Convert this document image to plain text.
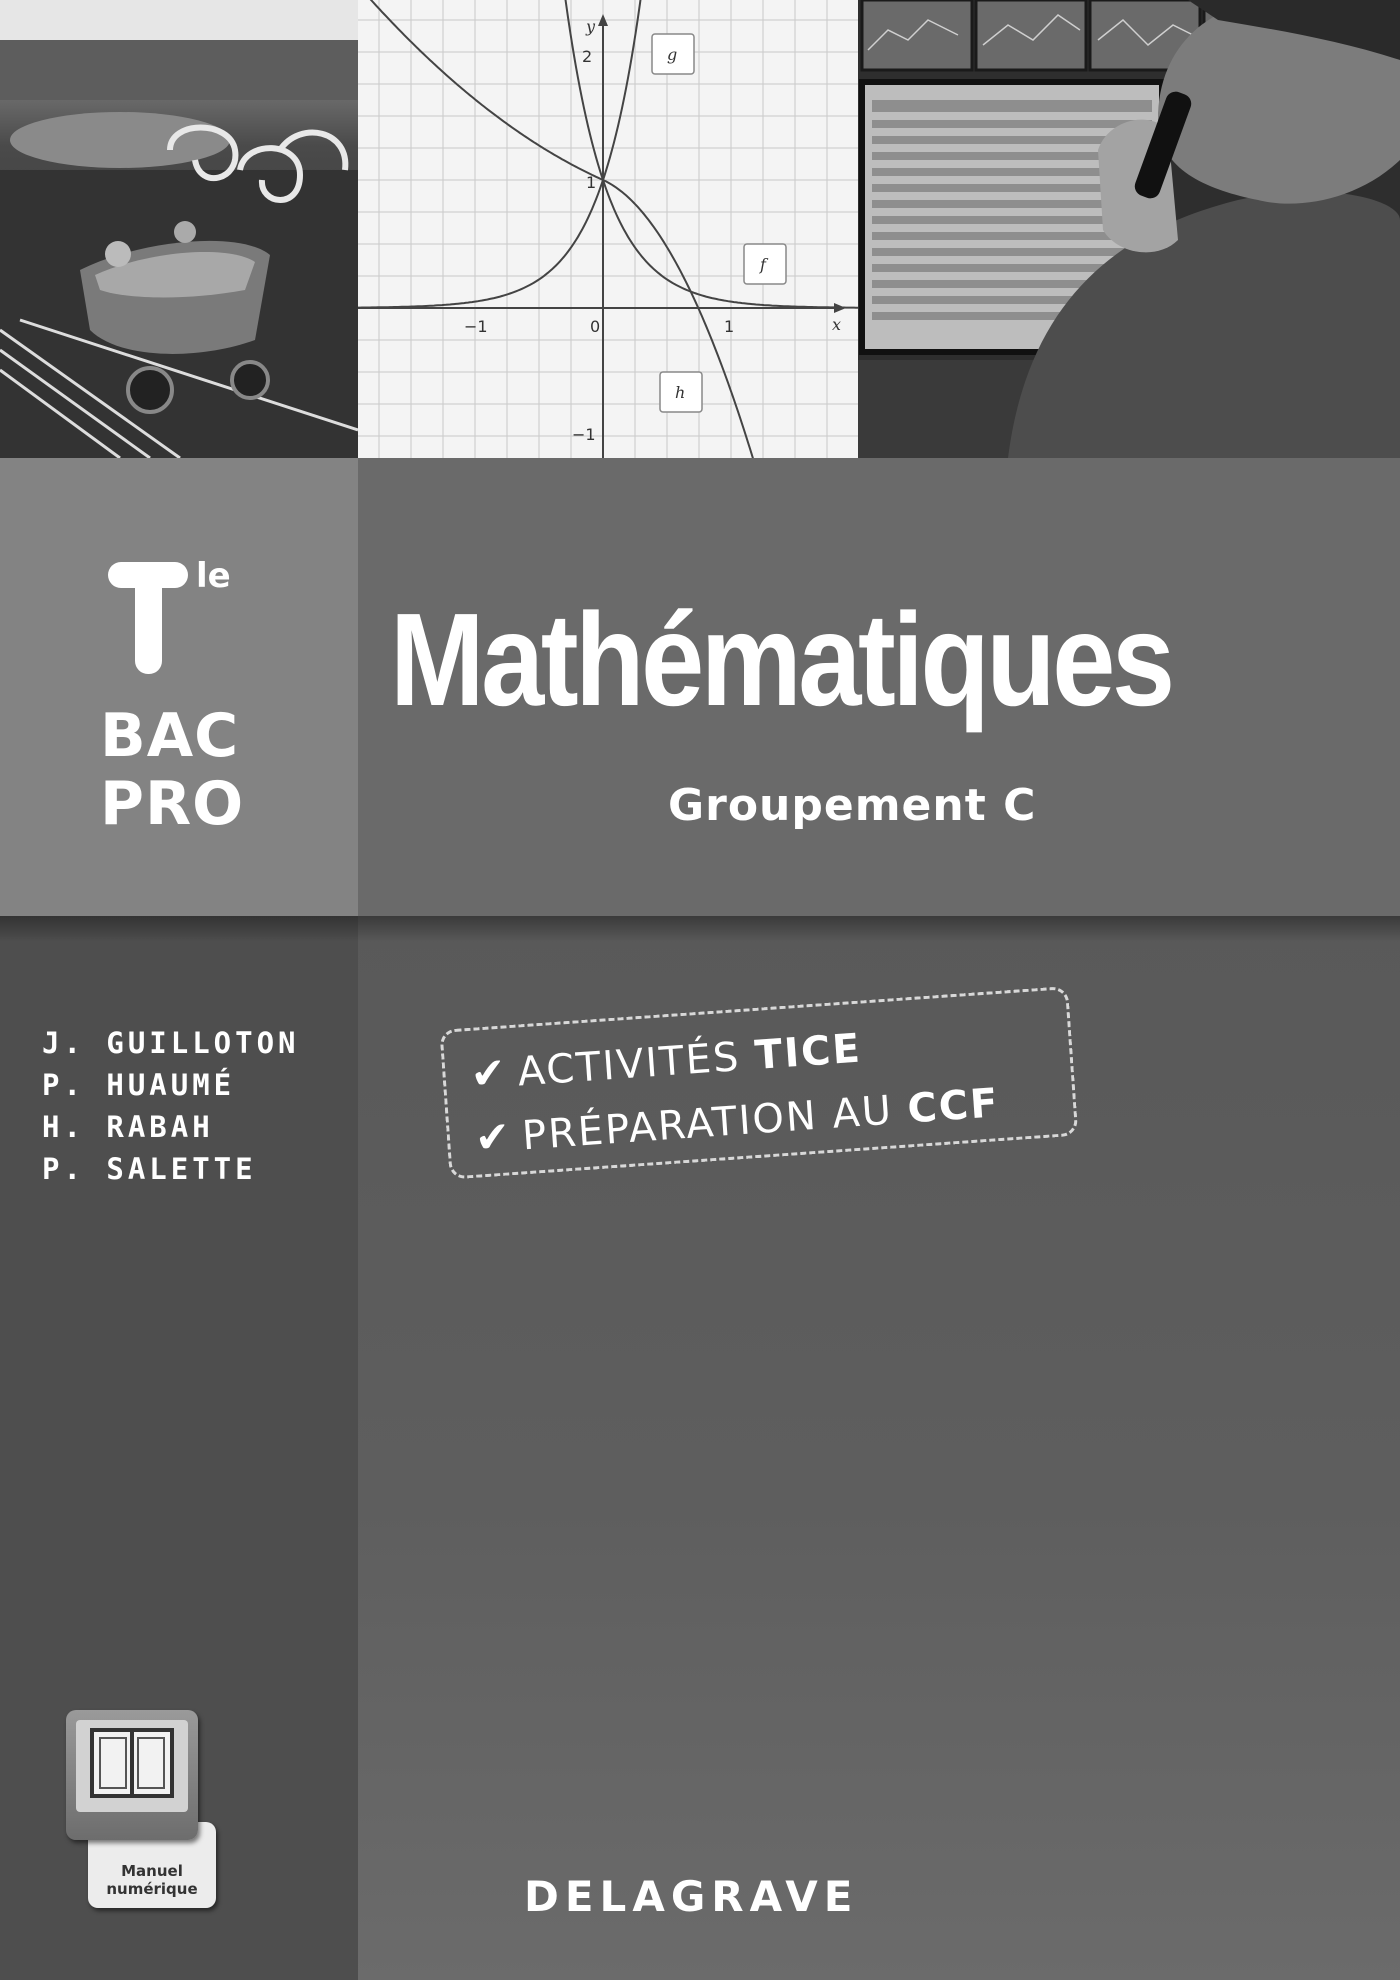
x
y
−1	0	1
2
1
−1
g
f
h
le
BAC
PRO
Mathématiques
Groupement C
J. GUILLOTON
P. HUAUMÉ
H. RABAH
P. SALETTE
✔ ACTIVITÉS TICE
✔ PRÉPARATION AU CCF
Manuel
numérique	DELAGRAVE
